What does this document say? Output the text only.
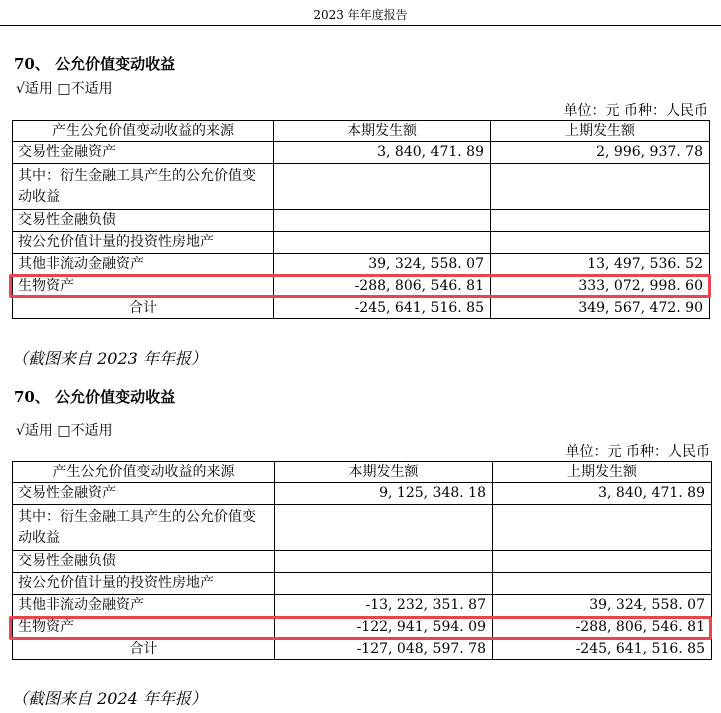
2023 年年度报告
70、 公允价值变动收益
√适用 □不适用
单位：元 币种：人民币
产生公允价值变动收益的来源	本期发生额	上期发生额
交易性金融资产	3, 840, 471. 89	2, 996, 937. 78
其中：衍生金融工具产生的公允价值变动收益		
交易性金融负债		
按公允价值计量的投资性房地产		
其他非流动金融资产	39, 324, 558. 07	13, 497, 536. 52
生物资产	-288, 806, 546. 81	333, 072, 998. 60
合计	-245, 641, 516. 85	349, 567, 472. 90
（截图来自 2023 年年报）
70、 公允价值变动收益
√适用 □不适用
单位：元 币种：人民币
产生公允价值变动收益的来源	本期发生额	上期发生额
交易性金融资产	9, 125, 348. 18	3, 840, 471. 89
其中：衍生金融工具产生的公允价值变动收益		
交易性金融负债		
按公允价值计量的投资性房地产		
其他非流动金融资产	-13, 232, 351. 87	39, 324, 558. 07
生物资产	-122, 941, 594. 09	-288, 806, 546. 81
合计	-127, 048, 597. 78	-245, 641, 516. 85
（截图来自 2024 年年报）
